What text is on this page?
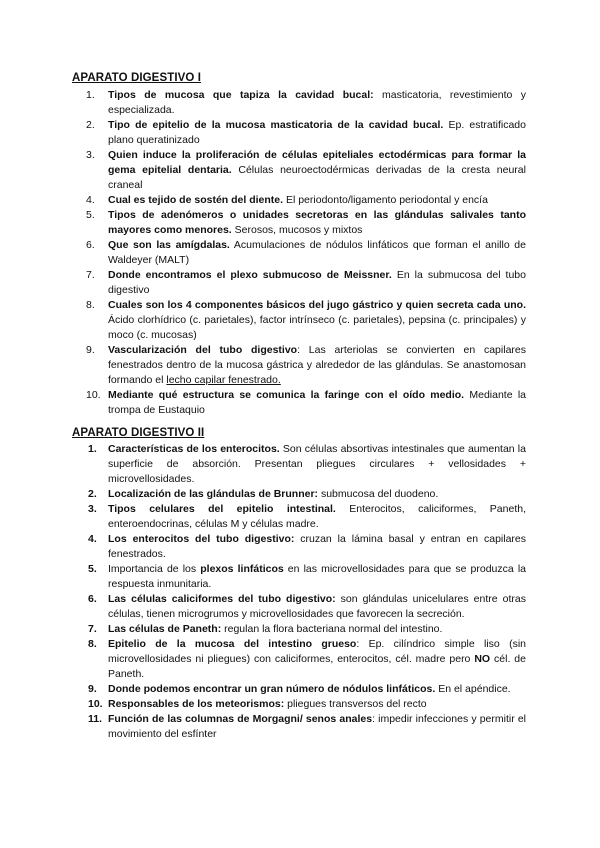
APARATO DIGESTIVO I
1.	Tipos de mucosa que tapiza la cavidad bucal: masticatoria, revestimiento y especializada.
2.	Tipo de epitelio de la mucosa masticatoria de la cavidad bucal. Ep. estratificado plano queratinizado
3.	Quien induce la proliferación de células epiteliales ectodérmicas para formar la gema epitelial dentaria. Células neuroectodérmicas derivadas de la cresta neural craneal
4.	Cual es tejido de sostén del diente. El periodonto/ligamento periodontal y encía
5.	Tipos de adenómeros o unidades secretoras en las glándulas salivales tanto mayores como menores. Serosos, mucosos y mixtos
6.	Que son las amígdalas. Acumulaciones de nódulos linfáticos que forman el anillo de Waldeyer (MALT)
7.	Donde encontramos el plexo submucoso de Meissner. En la submucosa del tubo digestivo
8.	Cuales son los 4 componentes básicos del jugo gástrico y quien secreta cada uno. Ácido clorhídrico (c. parietales), factor intrínseco (c. parietales), pepsina (c. principales) y moco (c. mucosas)
9.	Vascularización del tubo digestivo: Las arteriolas se convierten en capilares fenestrados dentro de la mucosa gástrica y alrededor de las glándulas. Se anastomosan formando el lecho capilar fenestrado.
10. Mediante qué estructura se comunica la faringe con el oído medio. Mediante la trompa de Eustaquio
APARATO DIGESTIVO II
1.	Características de los enterocitos. Son células absortivas intestinales que aumentan la superficie de absorción. Presentan pliegues circulares + vellosidades + microvellosidades.
2.	Localización de las glándulas de Brunner: submucosa del duodeno.
3.	Tipos celulares del epitelio intestinal. Enterocitos, caliciformes, Paneth, enteroendocrinas, células M y células madre.
4.	Los enterocitos del tubo digestivo: cruzan la lámina basal y entran en capilares fenestrados.
5.	Importancia de los plexos linfáticos en las microvellosidades para que se produzca la respuesta inmunitaria.
6.	Las células caliciformes del tubo digestivo: son glándulas unicelulares entre otras células, tienen microgrumos y microvellosidades que favorecen la secreción.
7.	Las células de Paneth: regulan la flora bacteriana normal del intestino.
8.	Epitelio de la mucosa del intestino grueso: Ep. cilíndrico simple liso (sin microvellosidades ni pliegues) con caliciformes, enterocitos, cél. madre pero NO cél. de Paneth.
9.	Donde podemos encontrar un gran número de nódulos linfáticos. En el apéndice.
10. Responsables de los meteorismos: pliegues transversos del recto
11. Función de las columnas de Morgagni/ senos anales: impedir infecciones y permitir el movimiento del esfínter
